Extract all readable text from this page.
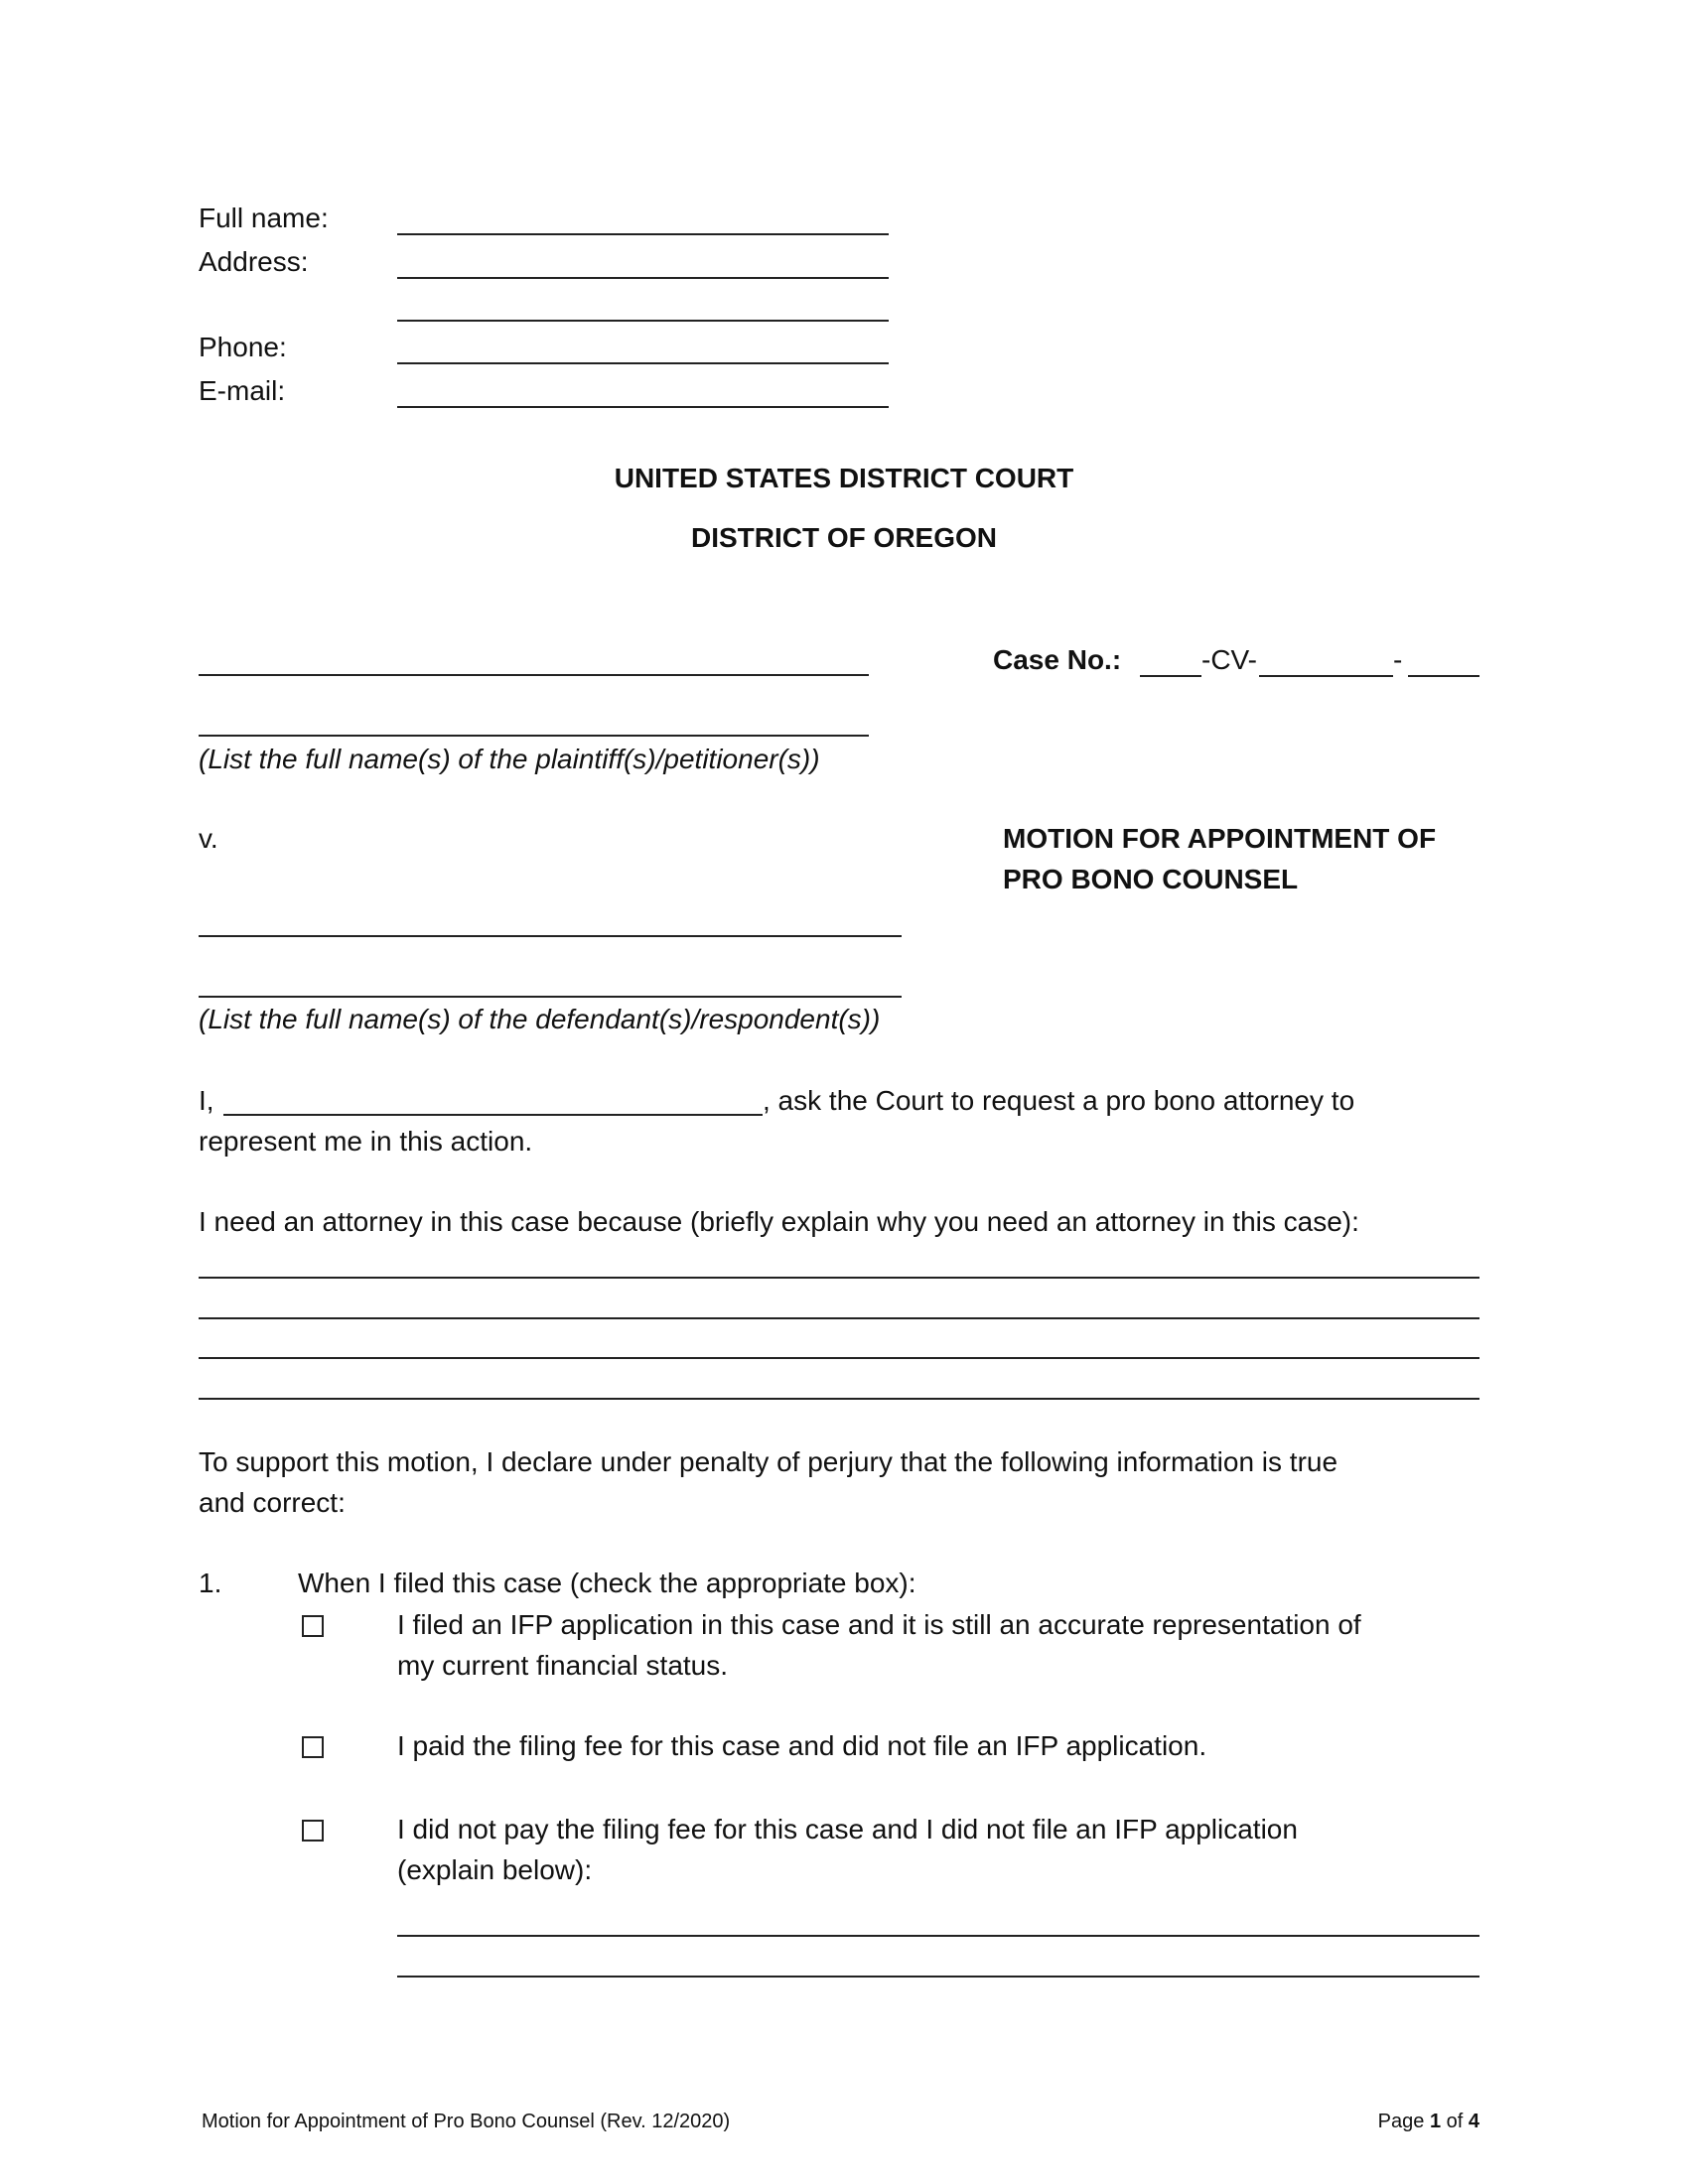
Full name:
Address:
Phone:
E-mail:
UNITED STATES DISTRICT COURT
DISTRICT OF OREGON
Case No.:	-CV-	-
(List the full name(s) of the plaintiff(s)/petitioner(s))
v.	MOTION FOR APPOINTMENT OF
PRO BONO COUNSEL
(List the full name(s) of the defendant(s)/respondent(s))
I,	, ask the Court to request a pro bono attorney to
represent me in this action.
I need an attorney in this case because (briefly explain why you need an attorney in this case):
To support this motion, I declare under penalty of perjury that the following information is true
and correct:
1.	When I filed this case (check the appropriate box):
I filed an IFP application in this case and it is still an accurate representation of
my current financial status.
I paid the filing fee for this case and did not file an IFP application.
I did not pay the filing fee for this case and I did not file an IFP application
(explain below):
Motion for Appointment of Pro Bono Counsel (Rev. 12/2020)	Page 1 of 4
